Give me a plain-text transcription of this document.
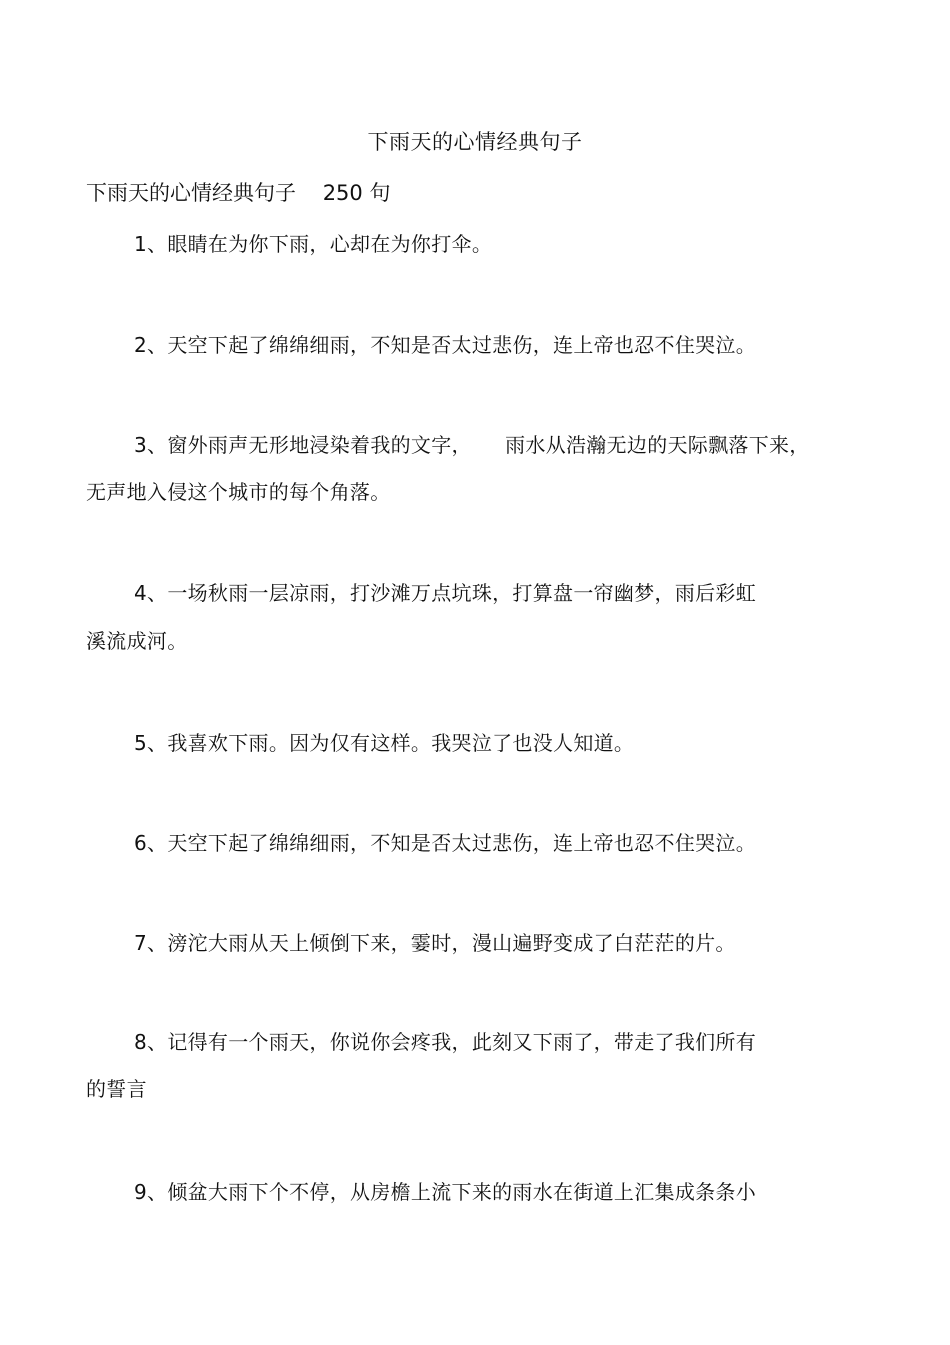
下雨天的心情经典句子
下雨天的心情经典句子    250 句
1、眼睛在为你下雨，心却在为你打伞。
2、天空下起了绵绵细雨，不知是否太过悲伤，连上帝也忍不住哭泣。
3、窗外雨声无形地浸染着我的文字，     雨水从浩瀚无边的天际飘落下来，
无声地入侵这个城市的每个角落。
4、一场秋雨一层凉雨，打沙滩万点坑珠，打算盘一帘幽梦，雨后彩虹
溪流成河。
5、我喜欢下雨。因为仅有这样。我哭泣了也没人知道。
6、天空下起了绵绵细雨，不知是否太过悲伤，连上帝也忍不住哭泣。
7、滂沱大雨从天上倾倒下来，霎时，漫山遍野变成了白茫茫的片。
8、记得有一个雨天，你说你会疼我，此刻又下雨了，带走了我们所有
的誓言
9、倾盆大雨下个不停，从房檐上流下来的雨水在街道上汇集成条条小
